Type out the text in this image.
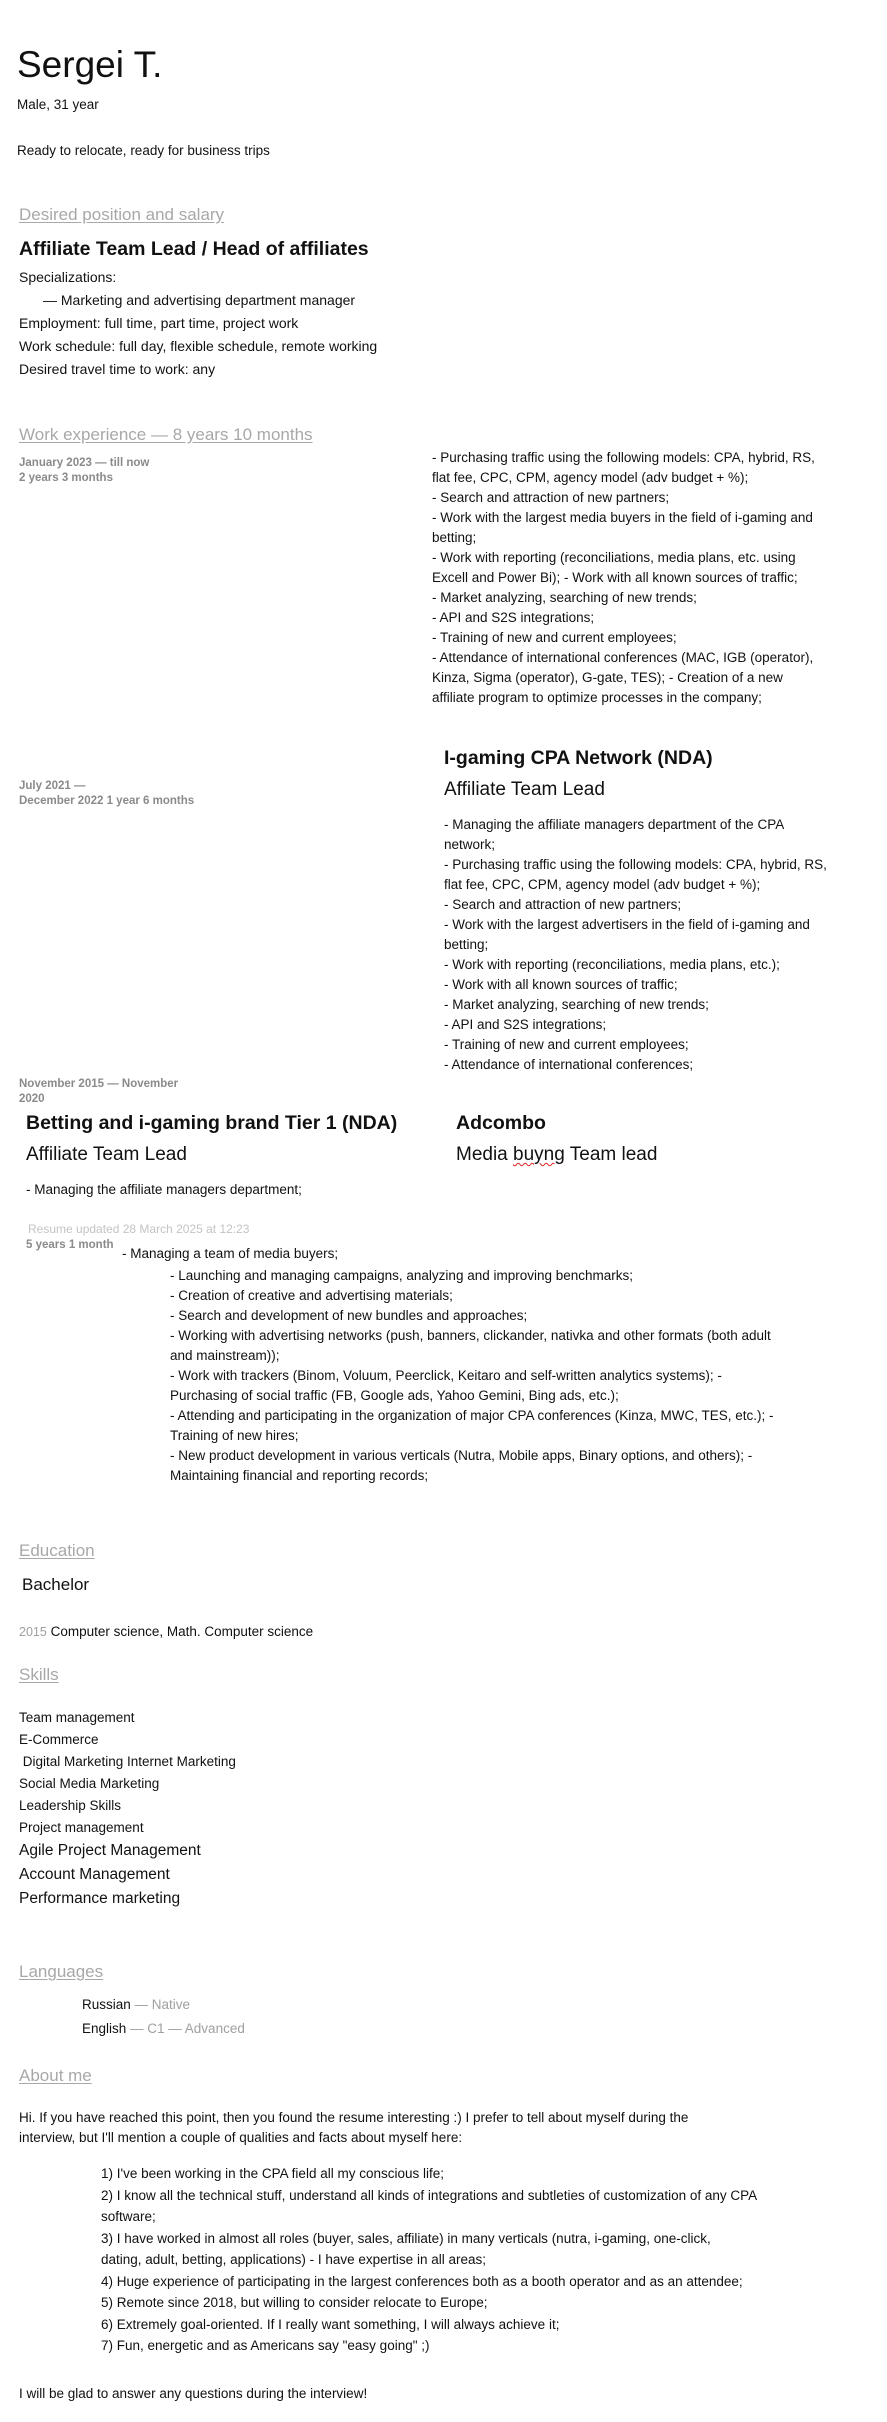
Sergei T.
Male, 31 year
Ready to relocate, ready for business trips
Desired position and salary
Affiliate Team Lead / Head of affiliates
Specializations:
— Marketing and advertising department manager
Employment: full time, part time, project work
Work schedule: full day, flexible schedule, remote working
Desired travel time to work: any
Work experience — 8 years 10 months
January 2023 — till now
2 years 3 months
- Purchasing traffic using the following models: CPA, hybrid, RS,
flat fee, CPC, CPM, agency model (adv budget + %);
- Search and attraction of new partners;
- Work with the largest media buyers in the field of i-gaming and
betting;
- Work with reporting (reconciliations, media plans, etc. using
Excell and Power Bi); - Work with all known sources of traffic;
- Market analyzing, searching of new trends;
- API and S2S integrations;
- Training of new and current employees;
- Attendance of international conferences (MAC, IGB (operator),
Kinza, Sigma (operator), G-gate, TES); - Creation of a new
affiliate program to optimize processes in the company;
July 2021 —
December 2022 1 year 6 months
I-gaming CPA Network (NDA)
Affiliate Team Lead
- Managing the affiliate managers department of the CPA
network;
- Purchasing traffic using the following models: CPA, hybrid, RS,
flat fee, CPC, CPM, agency model (adv budget + %);
- Search and attraction of new partners;
- Work with the largest advertisers in the field of i-gaming and
betting;
- Work with reporting (reconciliations, media plans, etc.);
- Work with all known sources of traffic;
- Market analyzing, searching of new trends;
- API and S2S integrations;
- Training of new and current employees;
- Attendance of international conferences;
November 2015 — November
2020
Betting and i-gaming brand Tier 1 (NDA)
Affiliate Team Lead
- Managing the affiliate managers department;
Adcombo
Media buyng Team lead
Resume updated 28 March 2025 at 12:23
5 years 1 month
- Managing a team of media buyers;
- Launching and managing campaigns, analyzing and improving benchmarks;
- Creation of creative and advertising materials;
- Search and development of new bundles and approaches;
- Working with advertising networks (push, banners, clickander, nativka and other formats (both adult
and mainstream));
- Work with trackers (Binom, Voluum, Peerclick, Keitaro and self-written analytics systems); -
Purchasing of social traffic (FB, Google ads, Yahoo Gemini, Bing ads, etc.);
- Attending and participating in the organization of major CPA conferences (Kinza, MWC, TES, etc.); -
Training of new hires;
- New product development in various verticals (Nutra, Mobile apps, Binary options, and others); -
Maintaining financial and reporting records;
Education
Bachelor
2015 Computer science, Math. Computer science
Skills
Team management
E-Commerce
Digital Marketing Internet Marketing
Social Media Marketing
Leadership Skills
Project management
Agile Project Management
Account Management
Performance marketing
Languages
Russian — Native
English — C1 — Advanced
About me
Hi. If you have reached this point, then you found the resume interesting :) I prefer to tell about myself during the
interview, but I'll mention a couple of qualities and facts about myself here:
1) I've been working in the CPA field all my conscious life;
2) I know all the technical stuff, understand all kinds of integrations and subtleties of customization of any CPA
software;
3) I have worked in almost all roles (buyer, sales, affiliate) in many verticals (nutra, i-gaming, one-click,
dating, adult, betting, applications) - I have expertise in all areas;
4) Huge experience of participating in the largest conferences both as a booth operator and as an attendee;
5) Remote since 2018, but willing to consider relocate to Europe;
6) Extremely goal-oriented. If I really want something, I will always achieve it;
7) Fun, energetic and as Americans say "easy going" ;)
I will be glad to answer any questions during the interview!
